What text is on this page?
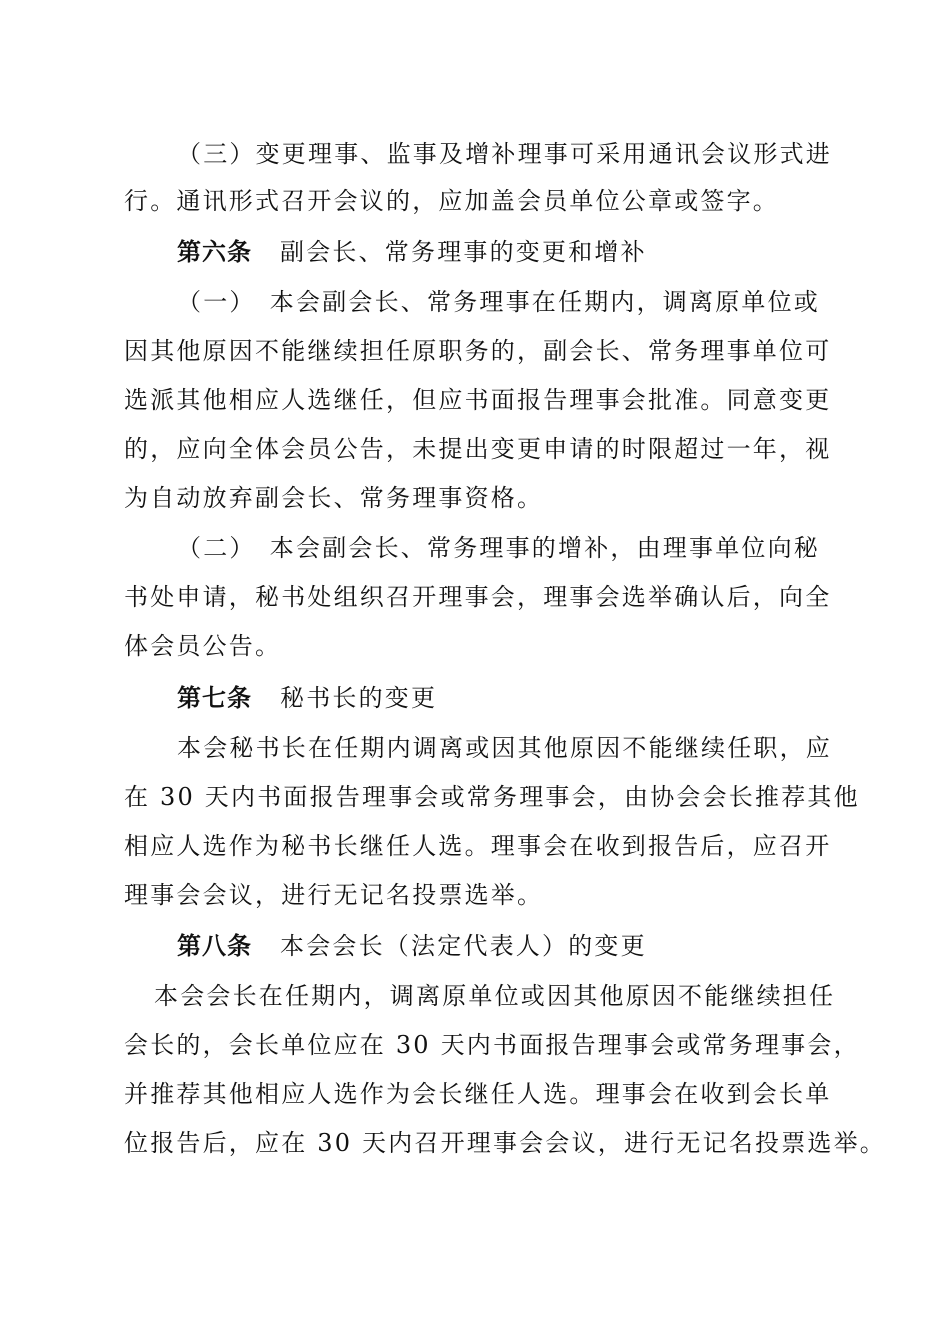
（三）变更理事、监事及增补理事可采用通讯会议形式进
行。通讯形式召开会议的，应加盖会员单位公章或签字。
第六条 副会长、常务理事的变更和增补
（一）　本会副会长、常务理事在任期内，调离原单位或
因其他原因不能继续担任原职务的，副会长、常务理事单位可
选派其他相应人选继任，但应书面报告理事会批准。同意变更
的，应向全体会员公告，未提出变更申请的时限超过一年，视
为自动放弃副会长、常务理事资格。
（二）　本会副会长、常务理事的增补，由理事单位向秘
书处申请，秘书处组织召开理事会，理事会选举确认后，向全
体会员公告。
第七条 秘书长的变更
本会秘书长在任期内调离或因其他原因不能继续任职，应
在 30 天内书面报告理事会或常务理事会，由协会会长推荐其他
相应人选作为秘书长继任人选。理事会在收到报告后，应召开
理事会会议，进行无记名投票选举。
第八条 本会会长（法定代表人）的变更
本会会长在任期内，调离原单位或因其他原因不能继续担任
会长的，会长单位应在 30 天内书面报告理事会或常务理事会，
并推荐其他相应人选作为会长继任人选。理事会在收到会长单
位报告后，应在 30 天内召开理事会会议，进行无记名投票选举。
